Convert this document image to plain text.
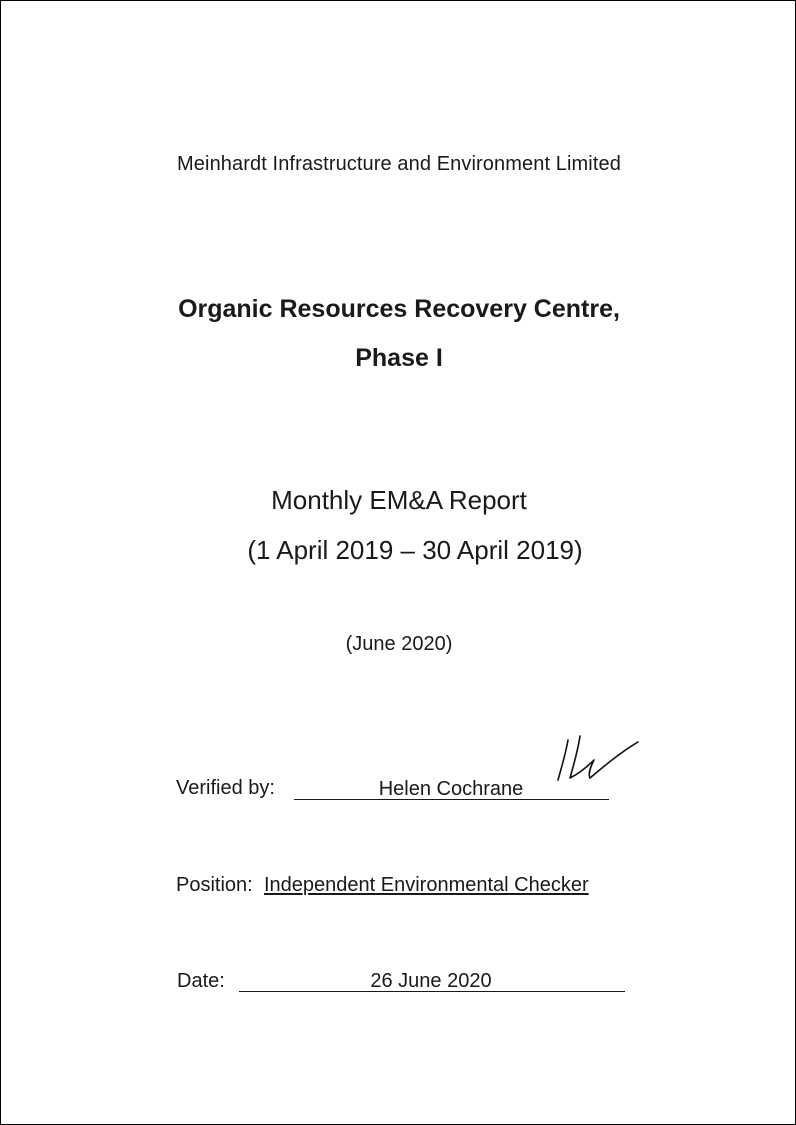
Meinhardt Infrastructure and Environment Limited
Organic Resources Recovery Centre,
Phase I
Monthly EM&A Report
(1 April 2019 – 30 April 2019)
(June 2020)
Verified by:	Helen Cochrane
Position: Independent Environmental Checker
Date:	26 June 2020
